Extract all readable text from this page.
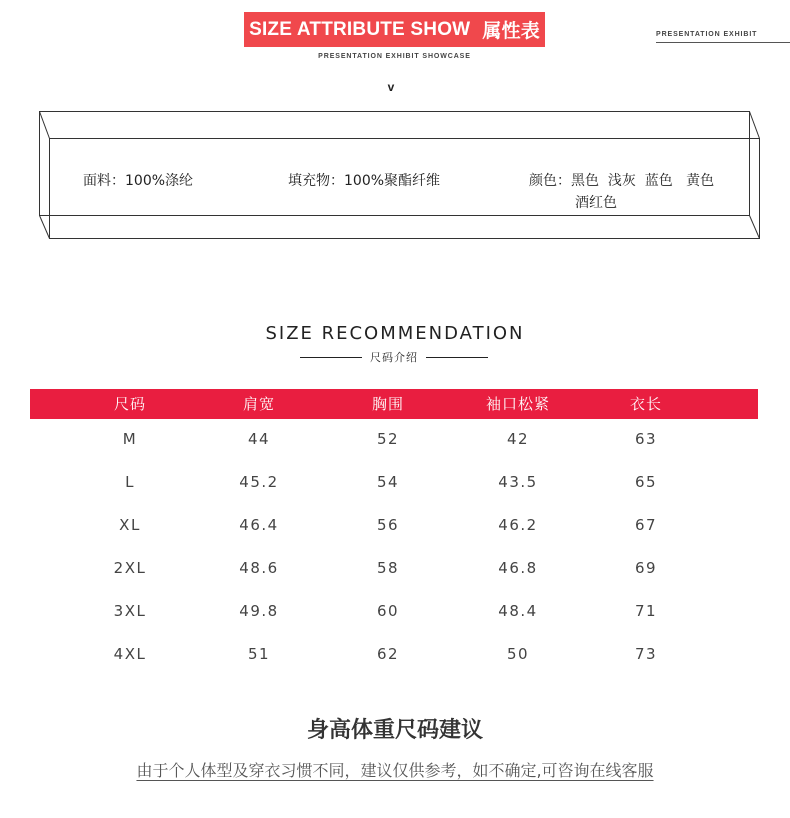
SIZE ATTRIBUTE SHOW 属性表
PRESENTATION EXHIBIT SHOWCASE
PRESENTATION EXHIBIT
v
面料：100%涤纶	填充物：100%聚酯纤维	颜色：黑色  浅灰  蓝色   黄色
酒红色
SIZE RECOMMENDATION
尺码介绍
尺码	肩宽	胸围	袖口松紧	衣长
M	44	52	42	63
L	45.2	54	43.5	65
XL	46.4	56	46.2	67
2XL	48.6	58	46.8	69
3XL	49.8	60	48.4	71
4XL	51	62	50	73
身高体重尺码建议
由于个人体型及穿衣习惯不同，建议仅供参考，如不确定,可咨询在线客服
